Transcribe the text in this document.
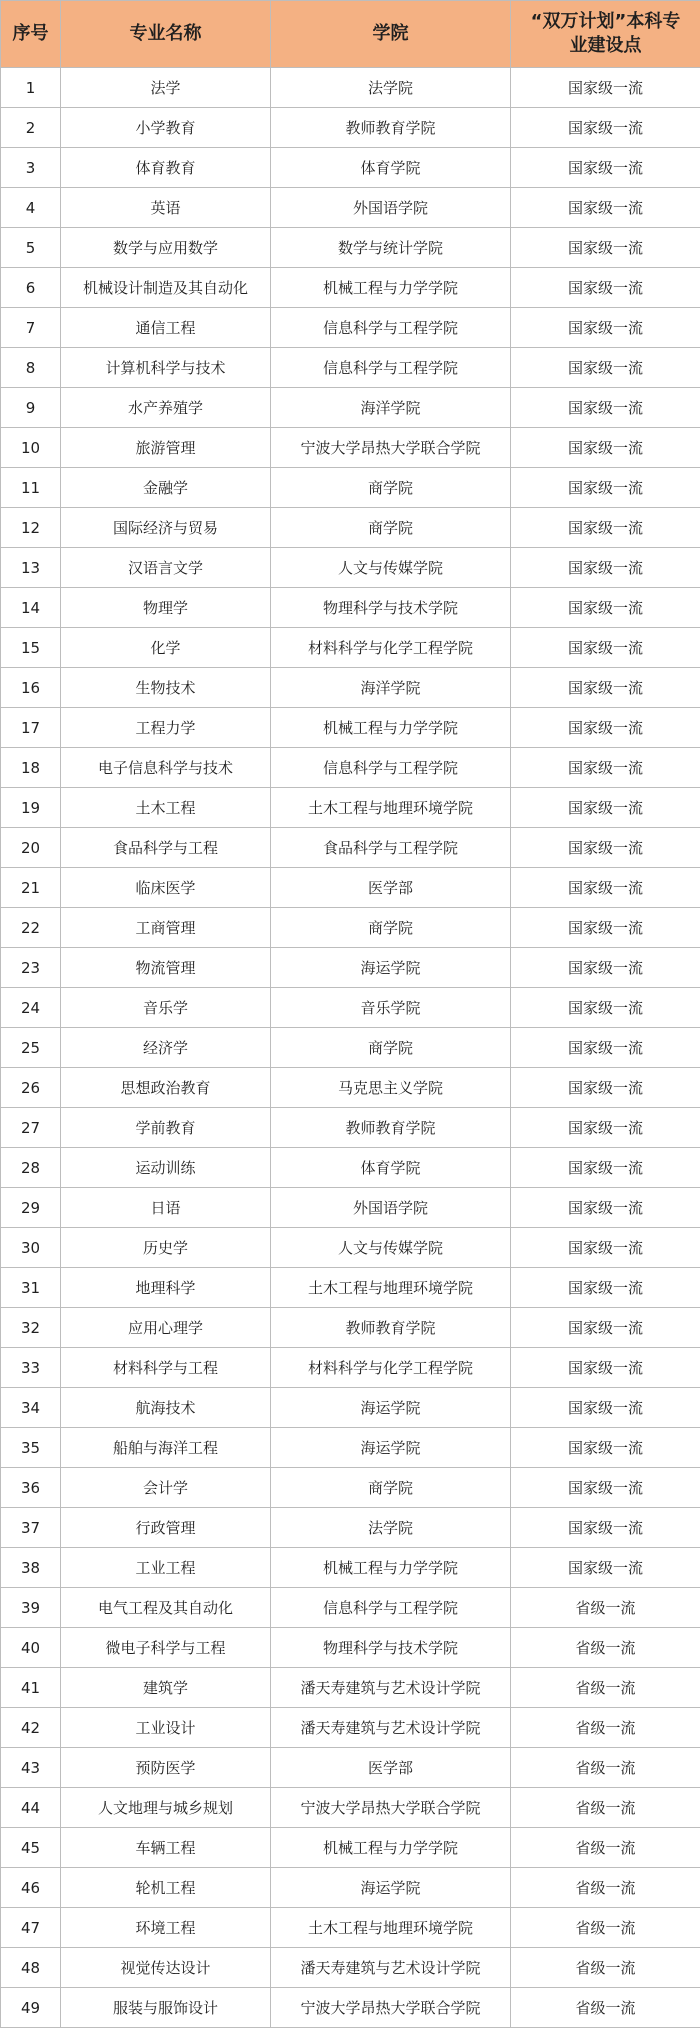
序号	专业名称	学院	“双万计划”本科专业建设点

1	法学	法学院	国家级一流
2	小学教育	教师教育学院	国家级一流
3	体育教育	体育学院	国家级一流
4	英语	外国语学院	国家级一流
5	数学与应用数学	数学与统计学院	国家级一流
6	机械设计制造及其自动化	机械工程与力学学院	国家级一流
7	通信工程	信息科学与工程学院	国家级一流
8	计算机科学与技术	信息科学与工程学院	国家级一流
9	水产养殖学	海洋学院	国家级一流
10	旅游管理	宁波大学昂热大学联合学院	国家级一流
11	金融学	商学院	国家级一流
12	国际经济与贸易	商学院	国家级一流
13	汉语言文学	人文与传媒学院	国家级一流
14	物理学	物理科学与技术学院	国家级一流
15	化学	材料科学与化学工程学院	国家级一流
16	生物技术	海洋学院	国家级一流
17	工程力学	机械工程与力学学院	国家级一流
18	电子信息科学与技术	信息科学与工程学院	国家级一流
19	土木工程	土木工程与地理环境学院	国家级一流
20	食品科学与工程	食品科学与工程学院	国家级一流
21	临床医学	医学部	国家级一流
22	工商管理	商学院	国家级一流
23	物流管理	海运学院	国家级一流
24	音乐学	音乐学院	国家级一流
25	经济学	商学院	国家级一流
26	思想政治教育	马克思主义学院	国家级一流
27	学前教育	教师教育学院	国家级一流
28	运动训练	体育学院	国家级一流
29	日语	外国语学院	国家级一流
30	历史学	人文与传媒学院	国家级一流
31	地理科学	土木工程与地理环境学院	国家级一流
32	应用心理学	教师教育学院	国家级一流
33	材料科学与工程	材料科学与化学工程学院	国家级一流
34	航海技术	海运学院	国家级一流
35	船舶与海洋工程	海运学院	国家级一流
36	会计学	商学院	国家级一流
37	行政管理	法学院	国家级一流
38	工业工程	机械工程与力学学院	国家级一流
39	电气工程及其自动化	信息科学与工程学院	省级一流
40	微电子科学与工程	物理科学与技术学院	省级一流
41	建筑学	潘天寿建筑与艺术设计学院	省级一流
42	工业设计	潘天寿建筑与艺术设计学院	省级一流
43	预防医学	医学部	省级一流
44	人文地理与城乡规划	宁波大学昂热大学联合学院	省级一流
45	车辆工程	机械工程与力学学院	省级一流
46	轮机工程	海运学院	省级一流
47	环境工程	土木工程与地理环境学院	省级一流
48	视觉传达设计	潘天寿建筑与艺术设计学院	省级一流
49	服装与服饰设计	宁波大学昂热大学联合学院	省级一流
